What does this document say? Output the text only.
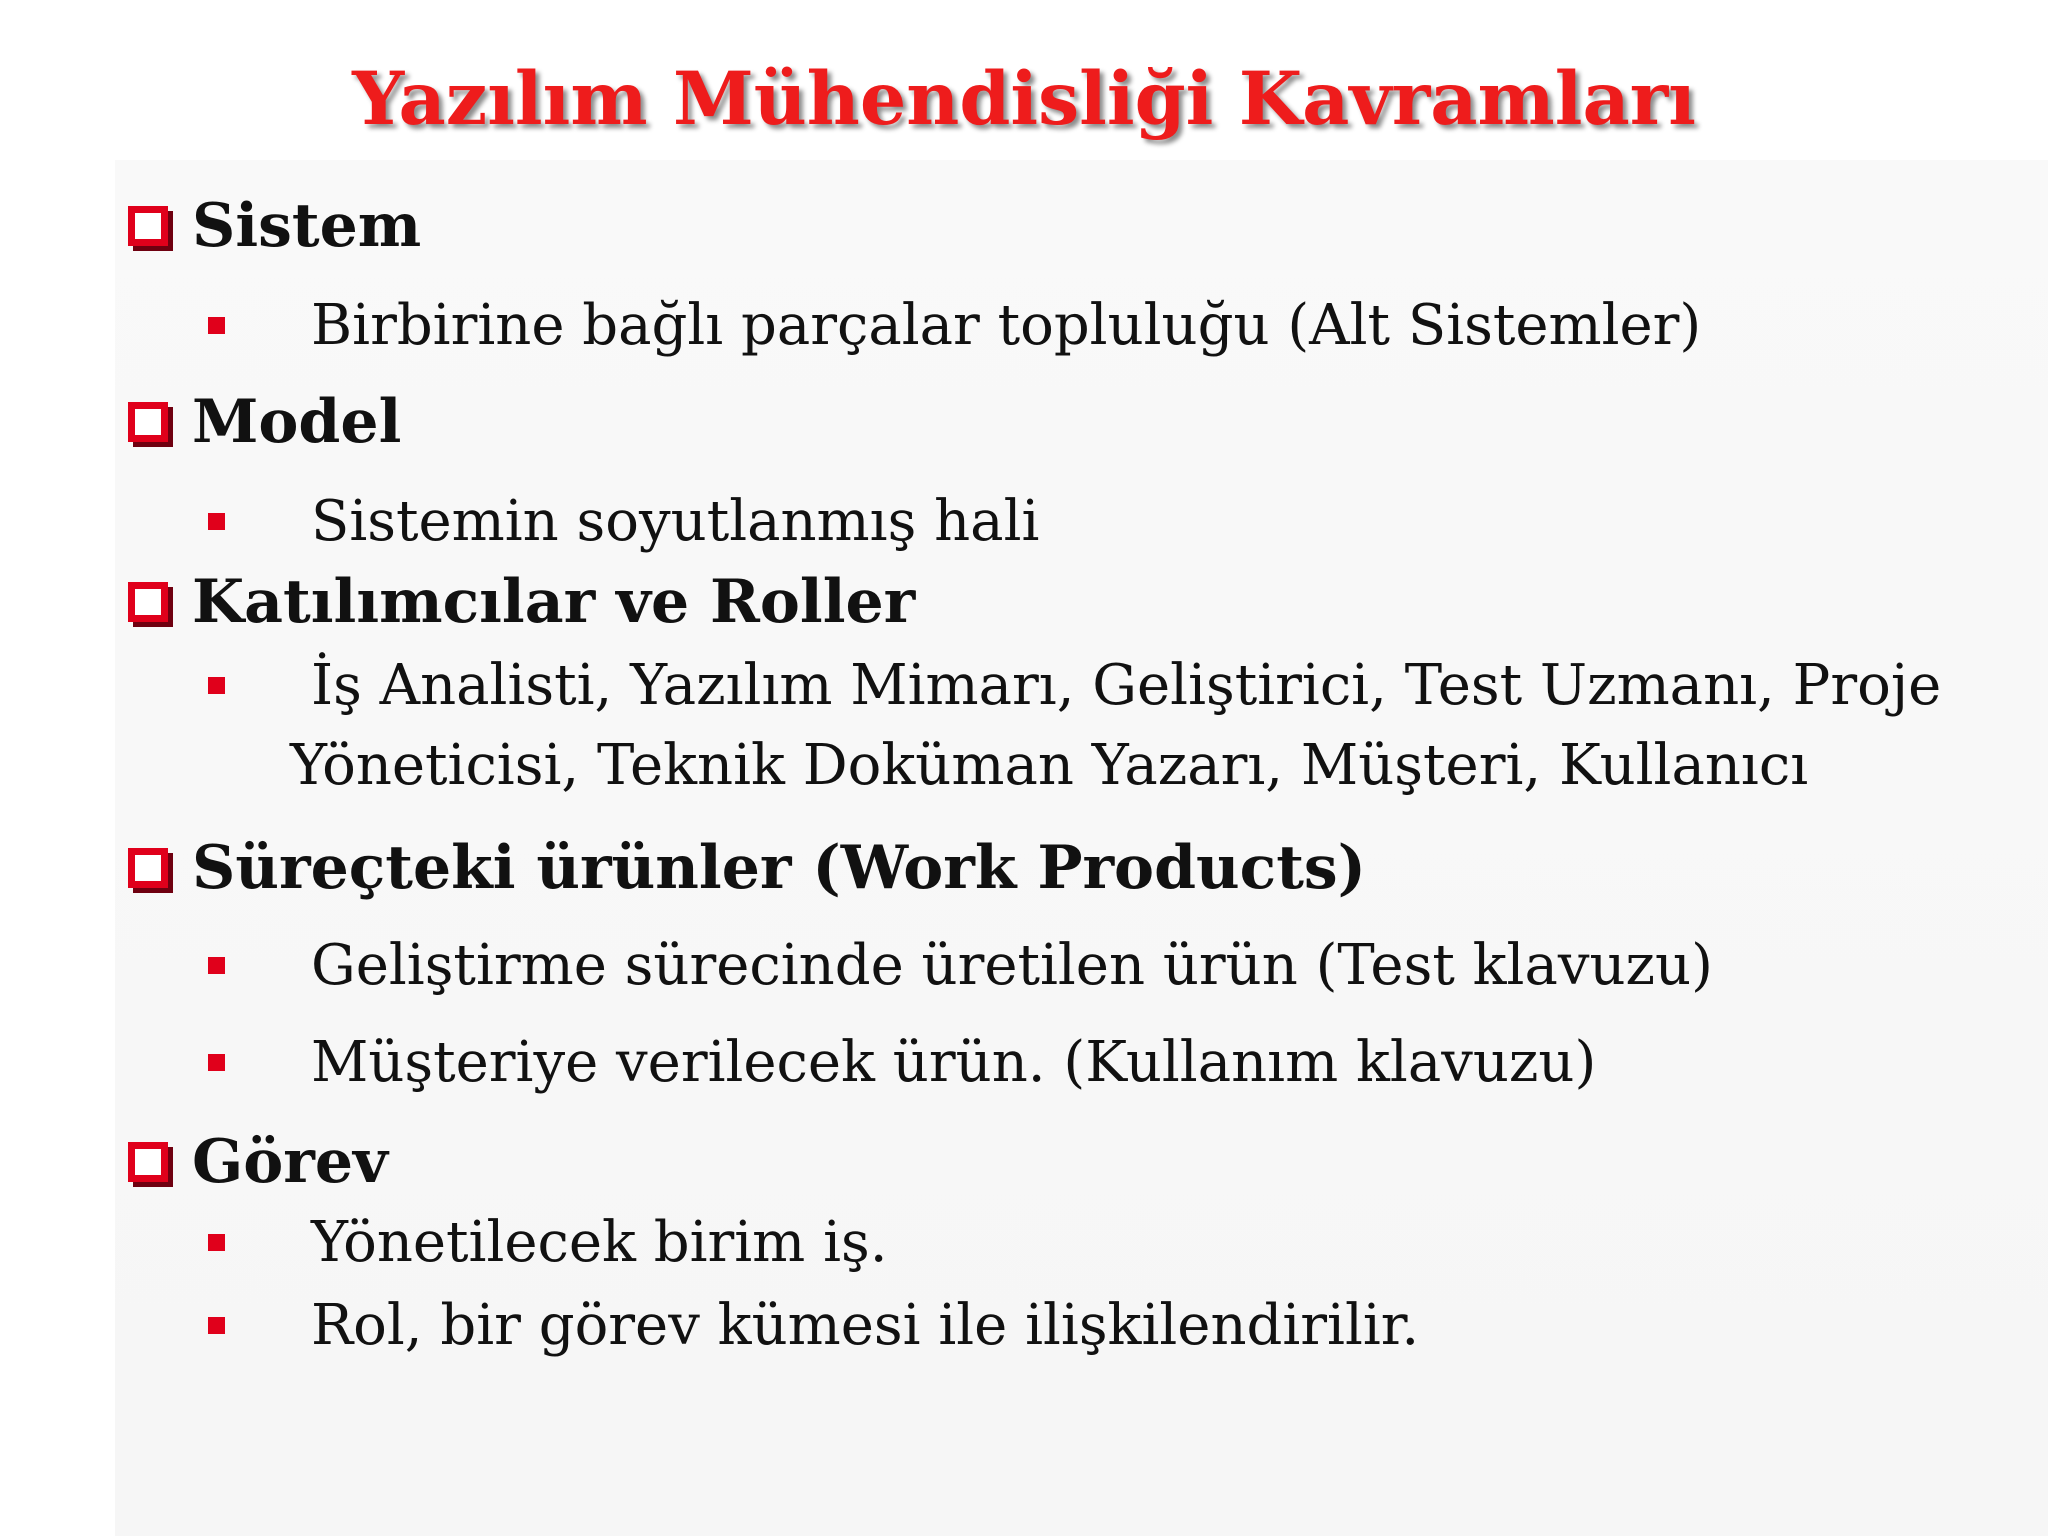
Yazılım Mühendisliği Kavramları
Sistem
Birbirine bağlı parçalar topluluğu (Alt Sistemler)
Model
Sistemin soyutlanmış hali
Katılımcılar ve Roller
İş Analisti, Yazılım Mimarı, Geliştirici, Test Uzmanı, Proje
Yöneticisi, Teknik Doküman Yazarı, Müşteri, Kullanıcı
Süreçteki ürünler (Work Products)
Geliştirme sürecinde üretilen ürün (Test klavuzu)
Müşteriye verilecek ürün. (Kullanım klavuzu)
Görev
Yönetilecek birim iş.
Rol, bir görev kümesi ile ilişkilendirilir.
